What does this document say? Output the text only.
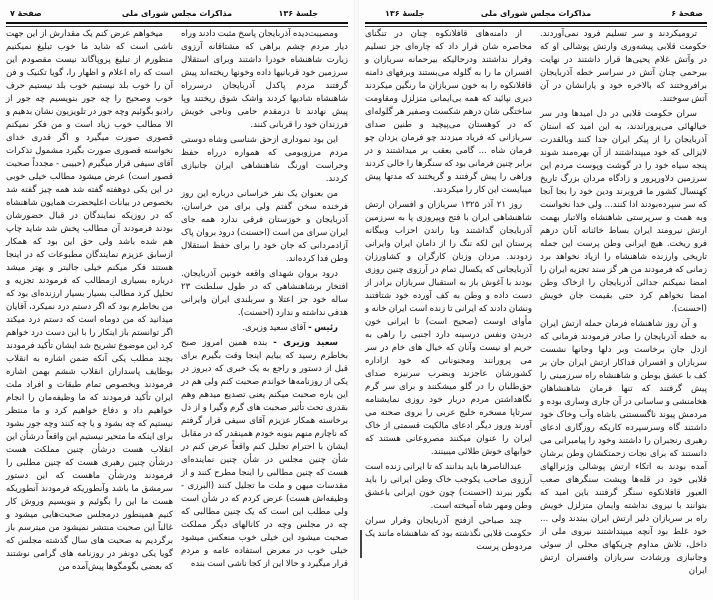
صفحهٔ ۷	مذاکرات مجلس شورای ملی	جلسهٔ ۱۳۶

ومصیبت‌دیده آذربایجان پاسخ مثبت دادند وراه دیار مردم چشم براهی که مشتاقانه آرزوی زیارت شاهنشاه خودرا داشتند وبرای استقلال سرزمین خود قربانیها داده وخونها ریخته‌اند پیش گرفتند مردم پاکدل آذربایجان درسرراه شاهنشاه شادیها کردند واشک شوق ریختند وپا پیش نهادند تا درمقدم حامی وناجی خویش فرزندان خود را قربانی کنند.

این بود نموداری ازحق شناسی وشاه دوستی مردم مرزوبومی که همواره درراه حفظ وحراست اورنگ شاهنشاهی ایران جانبازی کردند.

من بعنوان یک نفر خراسانی درباره این روز فرخنده سخن گفتم ولی برای من خراسان، آذربایجان و خوزستان فرقی ندارد همه جای ایران سرای من است (احسنت) درود بروان پاک آزادمردانی که جان خود را برای حفظ استقلال وطن فدا کرده‌اند.

درود بروان شهدای واقعه خونین آذربایجان. افتخار برشاهنشاهی که در طول سلطنت ۲۳ ساله خود جز اعتلا و سربلندی ایران وایرانی هدفی نداشته و ندارد (احسنت).

رئیس - آقای سعید وزیری.

سعید وزیری - بنده همین امروز صبح بخاطرم رسید که بیایم اینجا وقت بگیرم برای قبل از دستور و راجع به یک خبری که دیروز در یکی از روزنامه‌ها خواندم صحبت کنم ولی هم در این باره صحبت میکنم یعنی تصدیع میدهم وهم بقدری تحت تأثیر صحبت های گرم وگیرا و از دل برخاسته همکار عزیزم آقای سیفی قرار گرفتم که ناچارم منهم بنوبه خودم همینقدر که در مقابل ایشان با احترام تجلیل کنم واقعاً عرض کنم در شأن چنین مجلس در شأن چنین نماینده‌ای هست که چنین مطالبی را اینجا مطرح کنند و از مقدسات میهن و ملت ما تجلیل کنند (البرزی - وظیفه‌اش هست) عرض کردم که در شأن است ولی مطلب این است که یک چنین مطالبی که چه در مجلس وچه در کانالهای دیگر مملکت صحبت میشود این خیلی خوب منعکس میشود خیلی خوب در معرض استفاده عامه و مردم قرار میگیرد و حالا این از کجا ناشی است بنده

میخواهم عرض کنم یک مقدارش از این جهت ناشی است که شاید ما خوب تبلیغ نمیکنیم منظورم از تبلیغ پروپاگاند نیست مقصودم این است که راه اعلام و اظهار را، گویا تکنیک و فن آن را خوب بلد نیستیم خوب بلد نیستیم حرف خوب وصحیح را چه جور بنویسیم چه جور از رادیو بگوئیم وچه جور در تلویزیون نشان بدهیم و الا مطالب خوب زیاد است و من فکر نمیکنم قصوری صورت میگیرد و اگر قدری خدای نخواسته قصوری صورت بگیرد مشمول تذکرات آقای سیفی قرار میگیرم (حبیبی - مجدداً صحبت قصور است) عرض میشود مطالب خیلی خوبی در این یکی دوهفته گفته شد همه چیز گفته شد بخصوص در بیانات اعلیحضرت همایون شاهنشاه که در روزیکه نمایندگان در قبال حضورشان بودند فرمودند آن مطالب پخش شد شاید چاپ هم شده باشد ولی حق این بود که همکار ازسابق عزیزم نمایندگان مطبوعات که در اینجا هستند فکر میکنم خیلی جالبتر و بهتر میشد درباره بسیاری ازمطالب که فرمودند تجزیه و تحلیل کرد مطالب بسیار بسیار ارزنده‌ای بود که من بخاطرم بود که اگر دستم درد نمیکرد، آقایان میدانید که من دوماه است که دستم درد میکند اگر توانستم باز اینکار را با این دست درد خواهم کرد این موضوع تشریح شد ایشان تأکید فرمودند بچند مطلب یکی آنکه ضمن اشاره به انقلاب بوظایف پاسداران انقلاب ششم بهمن اشاره فرمودند وبخصوص تمام طبقات و افراد ملت ایران تأکید فرمودند که ما وظیفه‌مان را انجام خواهیم داد و دفاع خواهیم کرد و ما منتظر نیستیم که چه بشود و یا چه کنند وچه جور بشود برای اینکه ما متحیر نیستیم این واقعاً درشأن این انقلاب هست درشأن چنین مملکت هست درشأن چنین رهبری هست که چنین مطلبی را فرمودند ودرشأن ماهست که این دستور سرمشق ما باشد وآنطوریکه فرمودند آنطوریکه هست ما این را بگوئیم و بنویسیم وروش کار کنیم همینطور درمجلس صحبت‌هایی میشود و غالباً این صحبت منتشر نمیشود من میترسم باز برگردیم به صحبت های سال گذشته مجلس که گویا یکی دونفر در روزنامه های گرامی نوشتند که بعضی بگومگوها پیش‌آمده من

جلسهٔ ۱۳۶	مذاکرات مجلس شورای ملی	صفحهٔ ۶

ترومیکردند و سر تسلیم فرود نمی‌آوردند. حکومت قلابی پیشه‌وری وارتش پوشالی او که در وآتش غلام یحیی‌ها قرار داشتند در نهایت بیرحمی چنان آتش در سراسر خطه آذربایجان برافروختند که بالاخره خود و یارانشان در آن آتش سوختند.

سران حکومت قلابی در دل امیدها ودر سر خیالهائی می‌پروراندند، به این امید که استان آذربایجان را از پیکر ایران جدا کنند وبالقدرت لایزالی که خود میپنداشتند از آن بهره‌مند شوند پنجه سیاه خود را در گوشت وپوست مردم این سرزمین دلاورپرور و زادگاه مردان بزرگ تاریخ کهنسال کشور ما فروبرند ودین خود را بجا آنجا که سر سپرده‌بودند ادا کنند... ولی خدا نخواست وبه همت و سرپرستی شاهنشاه والاتبار بهمت ارتش نیرومند ایران بساط خائنانه آنان درهم فرو ریخت. هیچ ایرانی وطن پرست این جمله تاریخی وارزنده شاهنشاه را ازیاد نخواهد برد زمانی که فرمودند من هر گز سند تجزیه ایران را امضا نمیکنم جدائی آذربایجان را ازخاک وطن امضا نخواهم کرد حتی بقیمت جان خویش (احسنت).

و آن روز شاهنشاه فرمان حمله ارتش ایران به خطه آذربایجان را صادر فرمودند فرمانی که ازدل جان برخاست وبر دلها وجانها نشست سربازان و افسران فداکار ارتش ایران جان بر کف با عشق بوطن و شاهنشاه راه سرزمینی را پیش گرفتند که تنها فرمان شاهنشاهان هخامنشی و ساسانی در آن جاری وساری بوده و مردمش پیوند ناگسستنی باشاه وآب وخاک خود داشتند گاه وسرسپرده کاریکه روزگاری ادعای رهبری رنجبران را داشتند وخود را پیامبرانی می دانستند که برای نجات زحمتکشان وطن برشان آمده بودند به اتکاء ارتش پوشالی وژنرالهای قلابی خود در قله‌ها وپشت سنگرهای صعب العبور قافلانکوه سنگر گرفتند باین امید که بتوانند با نیروی نداشته وایمان متزلزل خویش راه بر سربازان دلیر ارتش ایران ببندند ولی ... خود غلط بود آنچه میپنداشتند نیروی ملی از داخل، تلاش مداوم چریکهای محلی از سوئی وجانبازی ورشادت سربازان وافسران ارتش ایران

از دامنه‌های قافلانکوه چنان در تنگنای محاصره شان قرار داد که چاره‌ای جز تسلیم وفرار نداشتند ودرحالیکه بیرحمانه سربازان و افسران ما را به گلوله می‌بستند وبرفهای دامنه قافلانکوه را به خون سربازان ما رنگین میکردند دیری نپائید که همه بی‌ایمانی متزلزل ومقاومت ساختگی شان درهم شکست وصفیر هر گلوله‌ای که در کوهستان می‌پیچید و طنین صدای سربازانی که فریاد میزدند چو فرمان یزدان چو فرمان شاه ... گامی بعقب بر میداشتند و در برابر چنین فرمانی بود که سنگرها را خالی کردند وراهی را پیش گرفتند و گریختند که مدتها پیش میبایست این کار را میکردند.

روز ۲۱ آذر ۱۳۲۵ سربازان و افسران ارتش شاهنشاهی ایران با فتح وپیروزی پا به سرزمین آذربایجان گذاشتند وبا راندن احزاب وبیگانه پرستان این لکه ننگ را از دامان ایران وایرانی زدودند. مردان وزنان کارگران و کشاورزان آذربایجانی که یکسال تمام در آرزوی چنین روزی بودند با آغوش باز به استقبال سربازان برادر از دست داده و وطن به کف آورده خود شتافتند ونشان دادند که ایرانی تا زنده است ایران خانه و مأوای اوست (صحیح است) تا ایرانی خون دربدن ونفس درسینه دارد اجنبی را راهی به حریم او نیست وآنان که خیال های خام در سر می پرورانند ومجنونانی که خود ازاداره کشورشان عاجزند وبضرب سرنیزه صدای حق‌طلبان را در گلو میشکنند و برای سر گرم نگاهداشتن مردم دربار خود روزی نمایشنامه سرتاپا مسخره خلیج عربی را بروی صحنه می آورند وروز دیگر ادعای مالکیت قسمتی از خاک ایران را عنوان میکنند مصروعانی هستند که خوابهای خوش طلائی میبینند.

عبدالناصرها باید بدانند که تا ایرانی زنده است آرزوی صاحب یکوجب خاک وطن ایرانی را باید بگور ببرند (احسنت) چون خون ایرانی باعشق وطن ومهر شاه آمیخته است.

چند صباحی ازفتح آذربایجان وفرار سران حکومت قلابی نگذشته بود که شاهنشاه مانند یک مردوطن پرست
